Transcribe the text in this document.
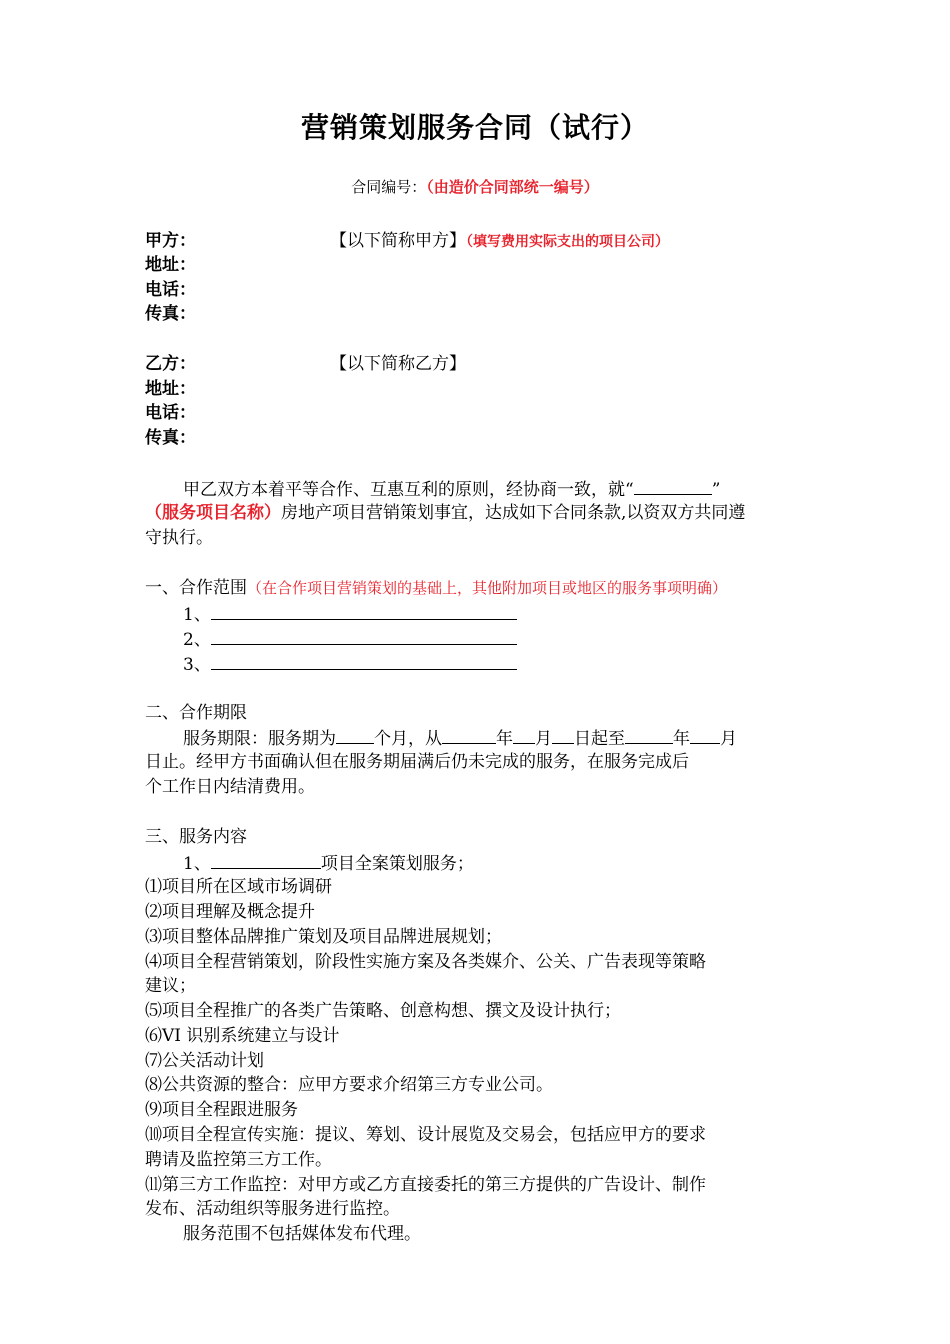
营销策划服务合同（试行）
合同编号：（由造价合同部统一编号）
甲方：	【以下简称甲方】（填写费用实际支出的项目公司）
地址：
电话：
传真：
乙方：	【以下简称乙方】
地址：
电话：
传真：
甲乙双方本着平等合作、互惠互利的原则，经协商一致，就“	”
（服务项目名称）房地产项目营销策划事宜，达成如下合同条款,以资双方共同遵
守执行。
一、合作范围（在合作项目营销策划的基础上，其他附加项目或地区的服务事项明确）
1、
2、
3、
二、合作期限
服务期限：服务期为 个月，从	年 月 日起至	年 月
日止。经甲方书面确认但在服务期届满后仍未完成的服务，在服务完成后
个工作日内结清费用。
三、服务内容
1、	项目全案策划服务；
⑴项目所在区域市场调研
⑵项目理解及概念提升
⑶项目整体品牌推广策划及项目品牌进展规划；
⑷项目全程营销策划，阶段性实施方案及各类媒介、公关、广告表现等策略
建议；
⑸项目全程推广的各类广告策略、创意构想、撰文及设计执行；
⑹VI 识别系统建立与设计
⑺公关活动计划
⑻公共资源的整合：应甲方要求介绍第三方专业公司。
⑼项目全程跟进服务
⑽项目全程宣传实施：提议、筹划、设计展览及交易会，包括应甲方的要求
聘请及监控第三方工作。
⑾第三方工作监控：对甲方或乙方直接委托的第三方提供的广告设计、制作
发布、活动组织等服务进行监控。
服务范围不包括媒体发布代理。
